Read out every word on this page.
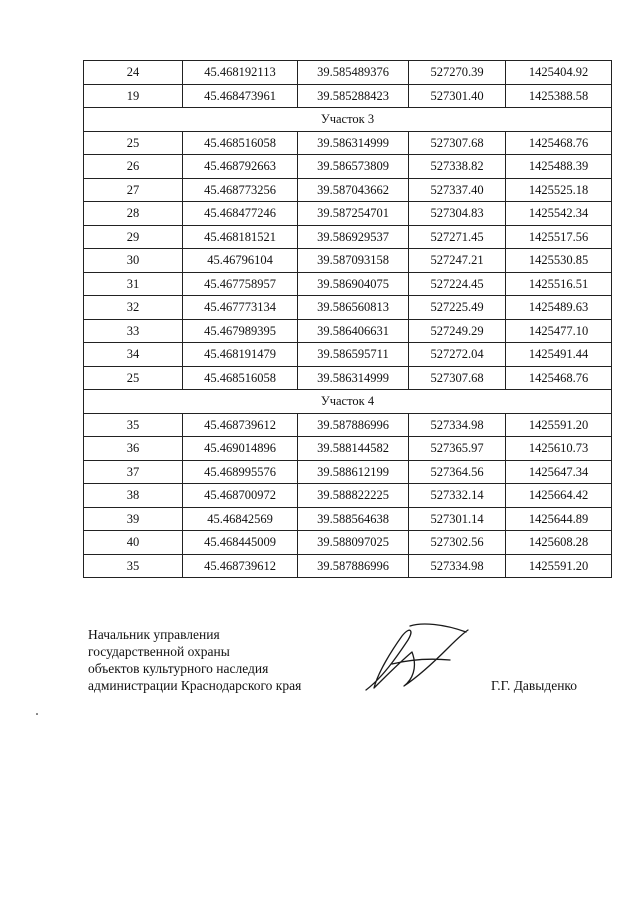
24	45.468192113	39.585489376	527270.39	1425404.92
19	45.468473961	39.585288423	527301.40	1425388.58
Участок 3				
25	45.468516058	39.586314999	527307.68	1425468.76
26	45.468792663	39.586573809	527338.82	1425488.39
27	45.468773256	39.587043662	527337.40	1425525.18
28	45.468477246	39.587254701	527304.83	1425542.34
29	45.468181521	39.586929537	527271.45	1425517.56
30	45.46796104	39.587093158	527247.21	1425530.85
31	45.467758957	39.586904075	527224.45	1425516.51
32	45.467773134	39.586560813	527225.49	1425489.63
33	45.467989395	39.586406631	527249.29	1425477.10
34	45.468191479	39.586595711	527272.04	1425491.44
25	45.468516058	39.586314999	527307.68	1425468.76
Участок 4				
35	45.468739612	39.587886996	527334.98	1425591.20
36	45.469014896	39.588144582	527365.97	1425610.73
37	45.468995576	39.588612199	527364.56	1425647.34
38	45.468700972	39.588822225	527332.14	1425664.42
39	45.46842569	39.588564638	527301.14	1425644.89
40	45.468445009	39.588097025	527302.56	1425608.28
35	45.468739612	39.587886996	527334.98	1425591.20
Начальник управления
государственной охраны
объектов культурного наследия
администрации Краснодарского края	Г.Г. Давыденко
